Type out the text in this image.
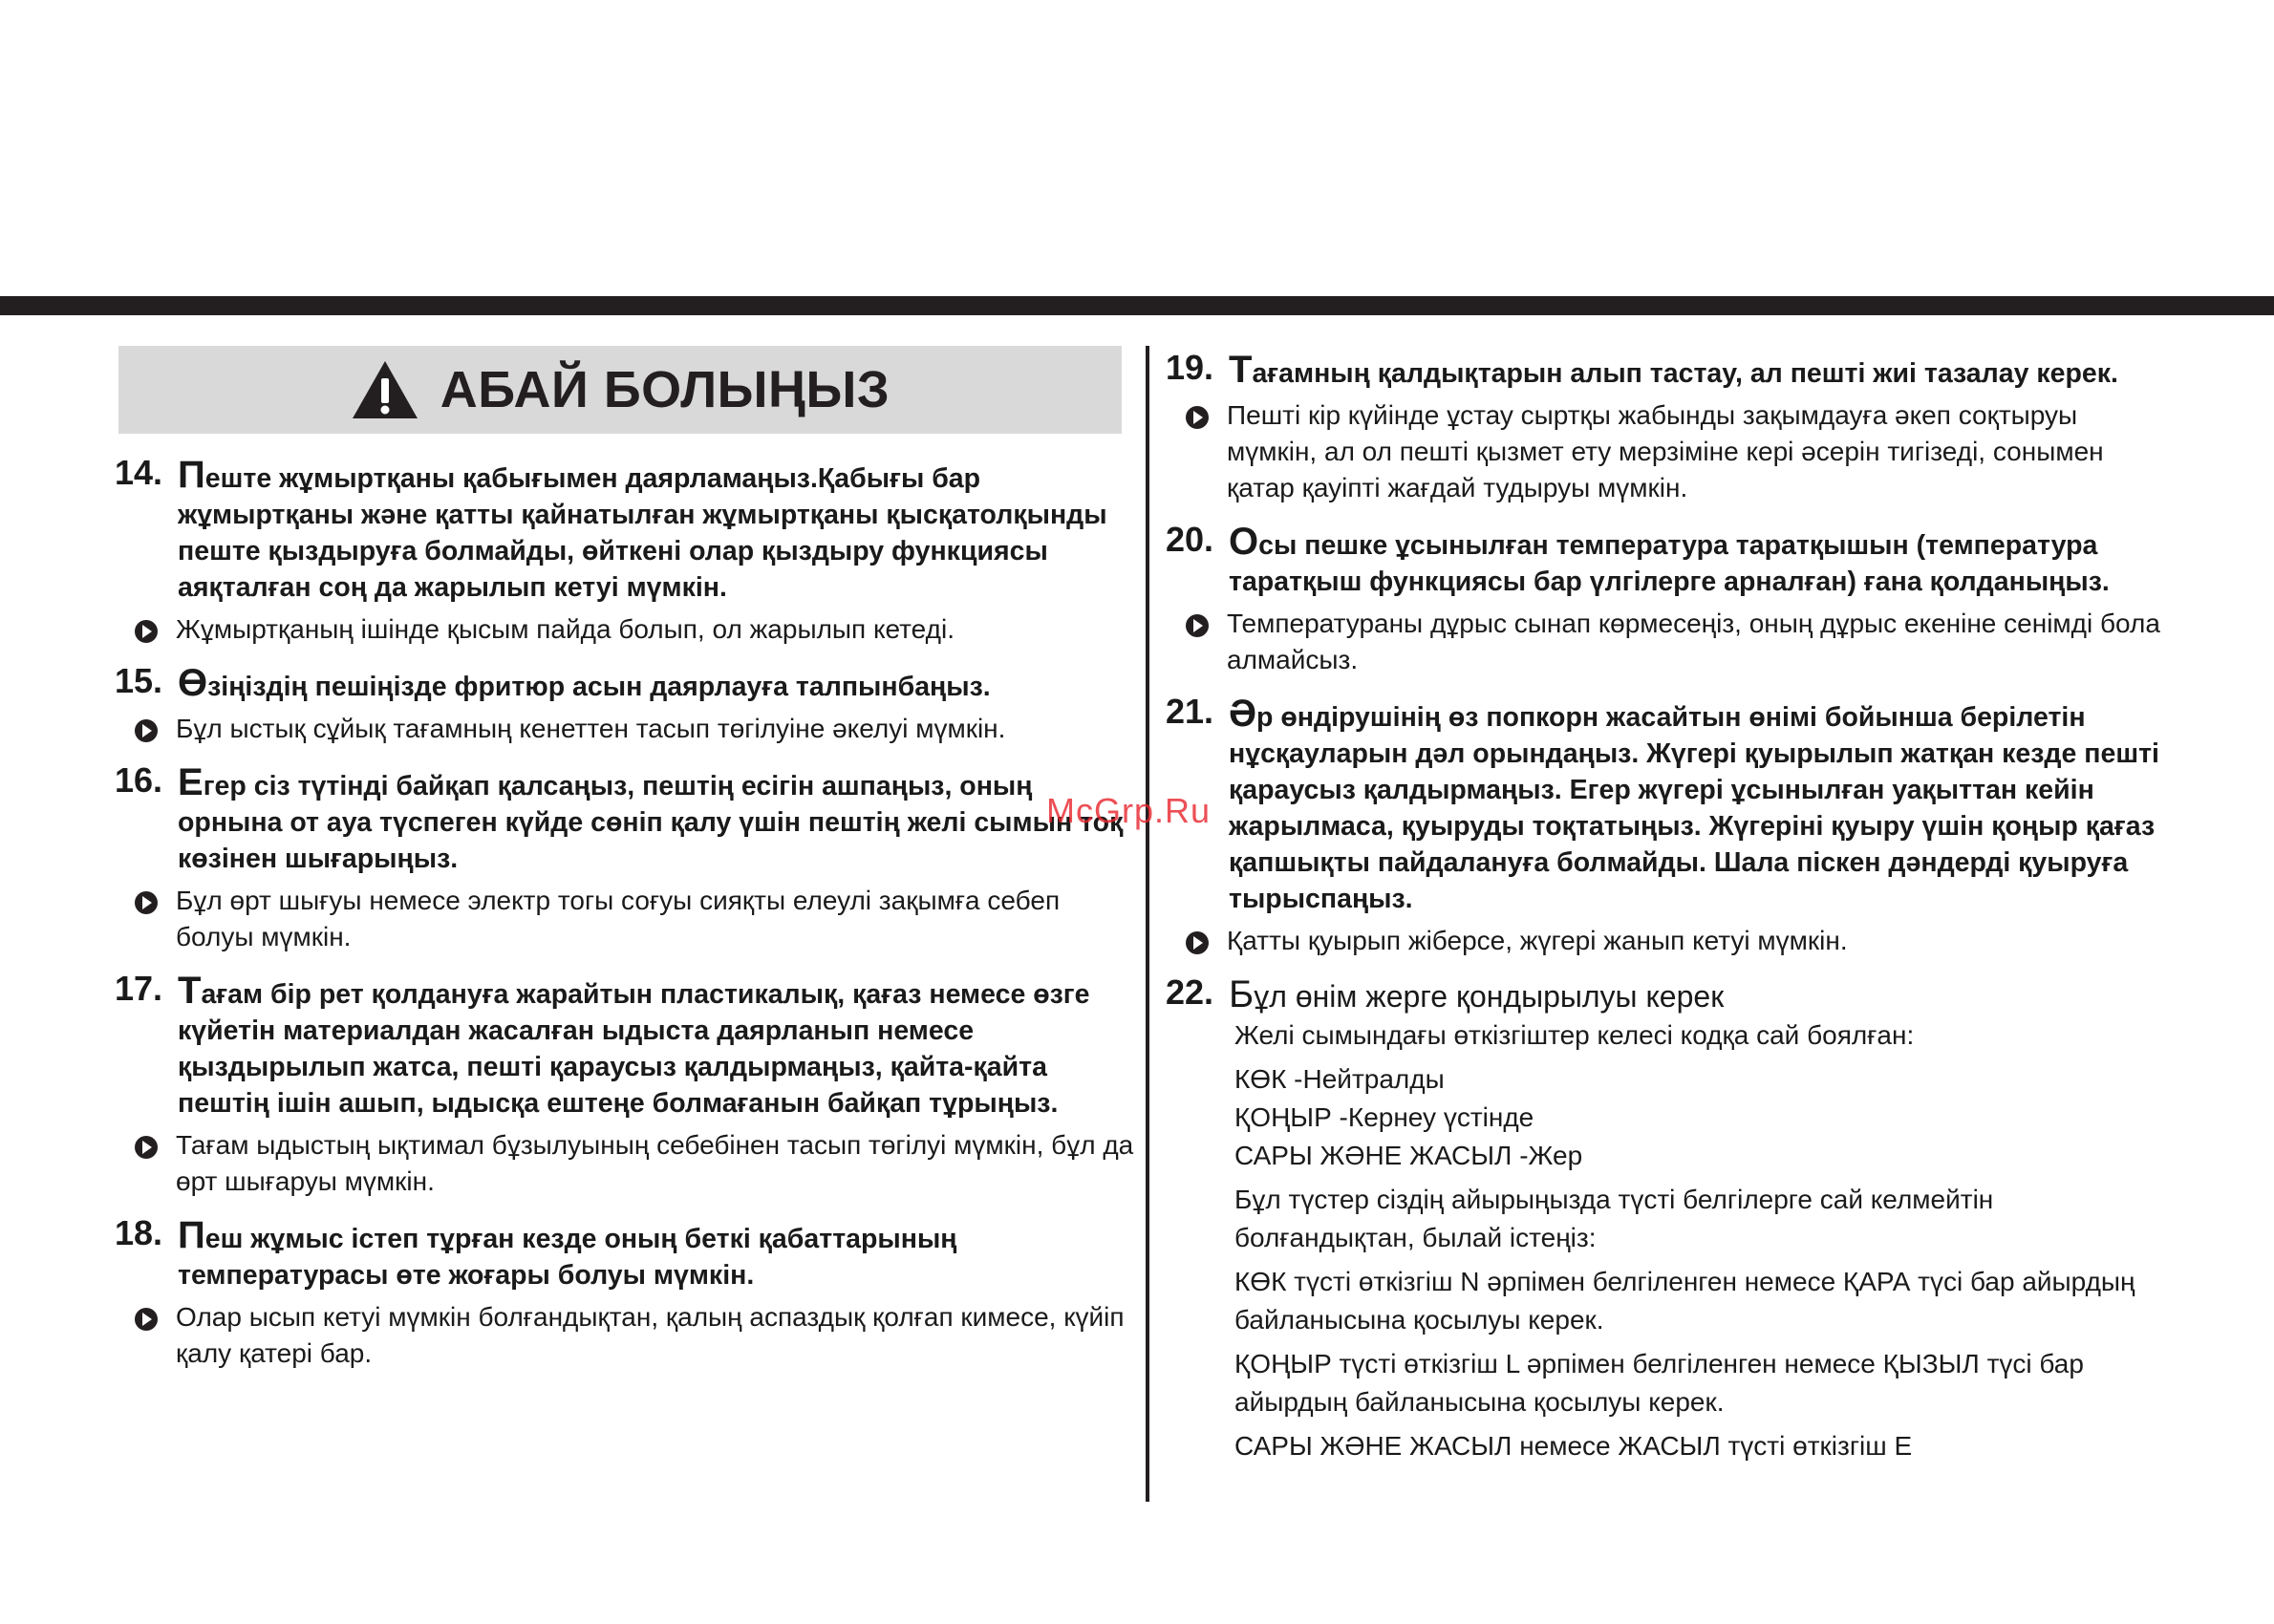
АБАЙ БОЛЫҢЫЗ
14. Пеште жұмыртқаны қабығымен даярламаңыз.Қабығы бар жұмыртқаны және қатты қайнатылған жұмыртқаны қысқатолқынды пеште қыздыруға болмайды, өйткені олар қыздыру функциясы аяқталған соң да жарылып кетуі мүмкін.
Жұмыртқаның ішінде қысым пайда болып, ол жарылып кетеді.
15. Өзіңіздің пешіңізде фритюр асын даярлауға талпынбаңыз.
Бұл ыстық сұйық тағамның кенеттен тасып төгілуіне әкелуі мүмкін.
16. Егер сіз түтінді байқап қалсаңыз, пештің есігін ашпаңыз, оның орнына от ауа түспеген күйде сөніп қалу үшін пештің желі сымын тоқ көзінен шығарыңыз.
Бұл өрт шығуы немесе электр тогы соғуы сияқты елеулі зақымға себеп болуы мүмкін.
17. Тағам бір рет қолдануға жарайтын пластикалық, қағаз немесе өзге күйетін материалдан жасалған ыдыста даярланып немесе қыздырылып жатса, пешті қараусыз қалдырмаңыз, қайта-қайта пештің ішін ашып, ыдысқа ештеңе болмағанын байқап тұрыңыз.
Тағам ыдыстың ықтимал бұзылуының себебінен тасып төгілуі мүмкін, бұл да өрт шығаруы мүмкін.
18. Пеш жұмыс істеп тұрған кезде оның беткі қабаттарының температурасы өте жоғары болуы мүмкін.
Олар ысып кетуі мүмкін болғандықтан, қалың аспаздық қолғап кимесе, күйіп қалу қатері бар.
19. Тағамның қалдықтарын алып тастау, ал пешті жиі тазалау керек.
Пешті кір күйінде ұстау сыртқы жабынды зақымдауға әкеп соқтыруы мүмкін, ал ол пешті қызмет ету мерзіміне кері әсерін тигізеді, сонымен қатар қауіпті жағдай тудыруы мүмкін.
20. Осы пешке ұсынылған температура таратқышын (температура таратқыш функциясы бар үлгілерге арналған) ғана қолданыңыз.
Температураны дұрыс сынап көрмесеңіз, оның дұрыс екеніне сенімді бола алмайсыз.
21. Әр өндірушінің өз попкорн жасайтын өнімі бойынша берілетін нұсқауларын дәл орындаңыз. Жүгері қуырылып жатқан кезде пешті қараусыз қалдырмаңыз. Егер жүгері ұсынылған уақыттан кейін жарылмаса, қуыруды тоқтатыңыз. Жүгеріні қуыру үшін қоңыр қағаз қапшықты пайдалануға болмайды. Шала піскен дәндерді қуыруға тырыспаңыз.
Қатты қуырып жіберсе, жүгері жанып кетуі мүмкін.
22. Бұл өнім жерге қондырылуы керек

Желі сымындағы өткізгіштер келесі кодқа сай боялған:

КӨК -Нейтралды

ҚОҢЫР -Кернеу үстінде

САРЫ ЖӘНЕ ЖАСЫЛ -Жер

Бұл түстер сіздің айырыңызда түсті белгілерге сай келмейтін болғандықтан, былай істеңіз:

КӨК түсті өткізгіш N әрпімен белгіленген немесе ҚАРА түсі бар айырдың байланысына қосылуы керек.

ҚОҢЫР түсті өткізгіш L әрпімен белгіленген немесе ҚЫЗЫЛ түсі бар айырдың байланысына қосылуы керек.

САРЫ ЖӘНЕ ЖАСЫЛ немесе ЖАСЫЛ түсті өткізгіш E

McGrp.Ru
